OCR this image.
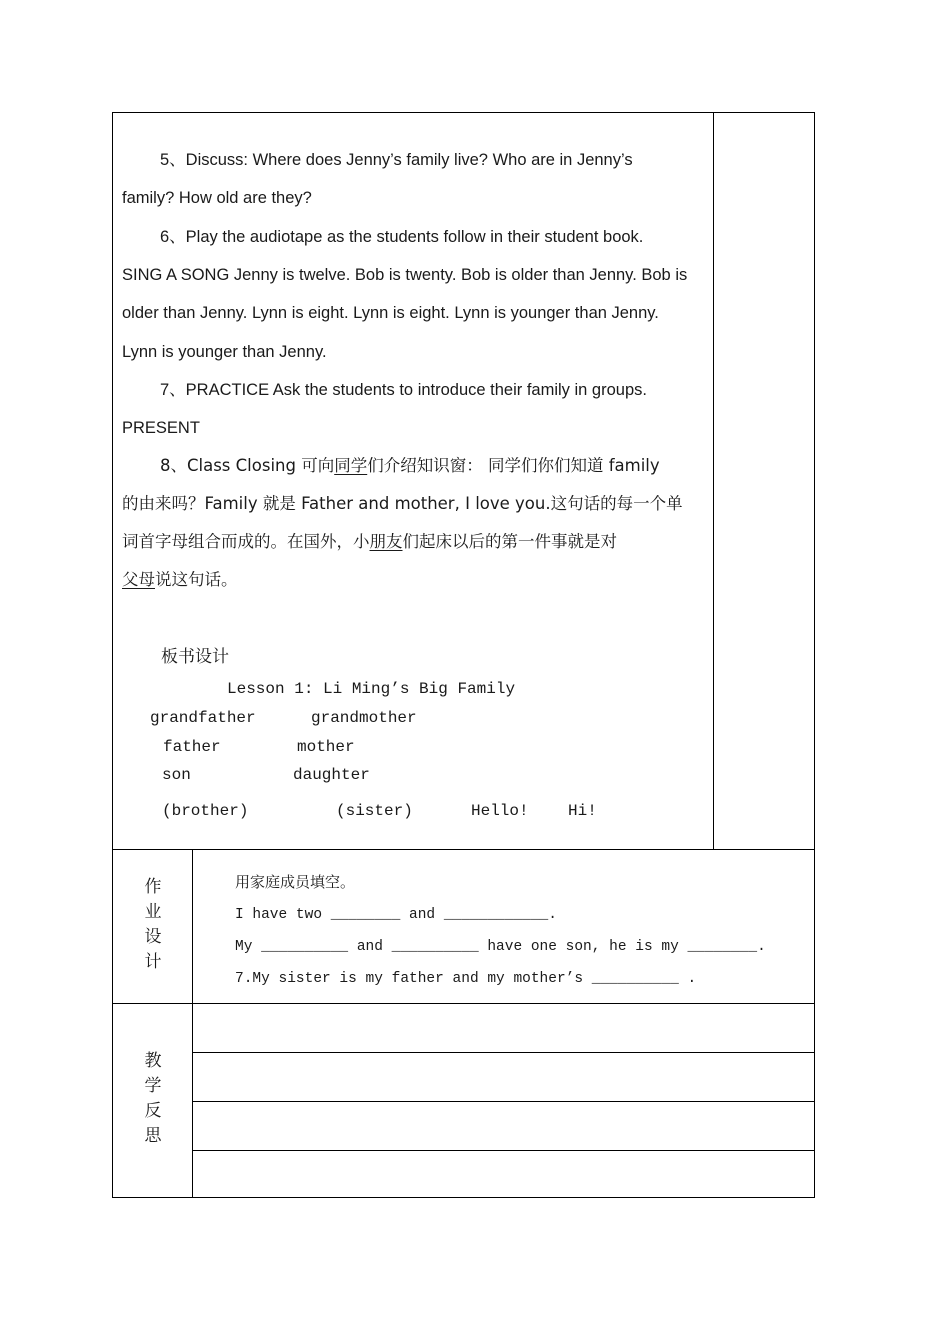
5、Discuss: Where does Jenny’s family live? Who are in Jenny’s
family? How old are they?
6、Play the audiotape as the students follow in their student book.
SING A SONG Jenny is twelve. Bob is twenty. Bob is older than Jenny. Bob is
older than Jenny. Lynn is eight. Lynn is eight. Lynn is younger than Jenny.
Lynn is younger than Jenny.
7、PRACTICE Ask the students to introduce their family in groups.
PRESENT
8、Class Closing 可向同学们介绍知识窗： 同学们你们知道 family
的由来吗？Family 就是 Father and mother, I love you.这句话的每一个单
词首字母组合而成的。在国外，小朋友们起床以后的第一件事就是对
父母说这句话。
板书设计
Lesson 1: Li Ming’s Big Family
grandfather	grandmother
father	mother
son	daughter
(brother)	(sister)	Hello! Hi!
作
业
设
计
用家庭成员填空。
I have two ________ and ____________.
My __________ and __________ have one son, he is my ________.
7.My sister is my father and my mother’s __________ .
教
学
反
思
